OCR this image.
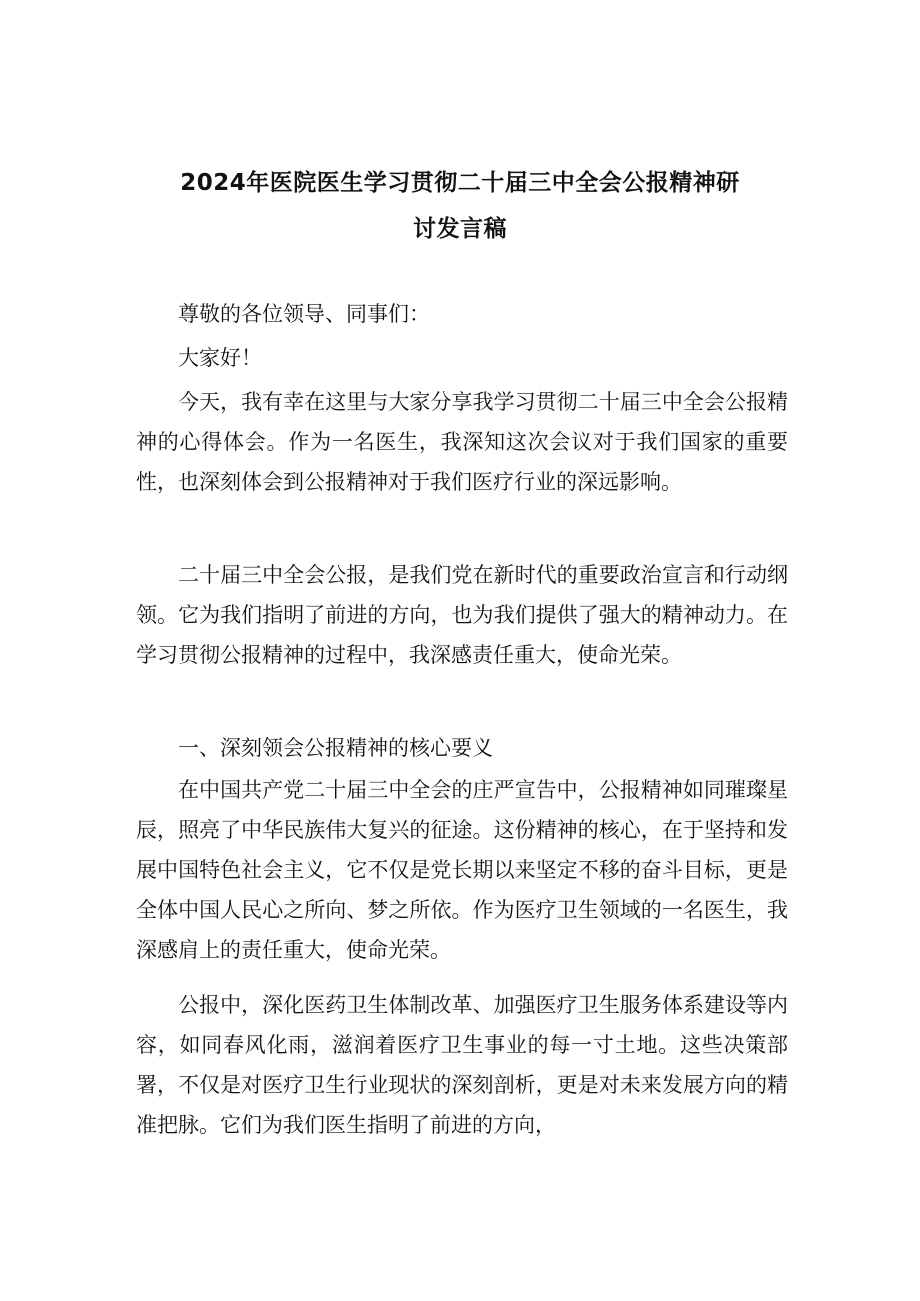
2024年医院医生学习贯彻二十届三中全会公报精神研
讨发言稿

尊敬的各位领导、同事们：

大家好！

今天，我有幸在这里与大家分享我学习贯彻二十届三中全会公报精神的心得体会。作为一名医生，我深知这次会议对于我们国家的重要性，也深刻体会到公报精神对于我们医疗行业的深远影响。

二十届三中全会公报，是我们党在新时代的重要政治宣言和行动纲领。它为我们指明了前进的方向，也为我们提供了强大的精神动力。在学习贯彻公报精神的过程中，我深感责任重大，使命光荣。

一、深刻领会公报精神的核心要义

在中国共产党二十届三中全会的庄严宣告中，公报精神如同璀璨星辰，照亮了中华民族伟大复兴的征途。这份精神的核心，在于坚持和发展中国特色社会主义，它不仅是党长期以来坚定不移的奋斗目标，更是全体中国人民心之所向、梦之所依。作为医疗卫生领域的一名医生，我深感肩上的责任重大，使命光荣。

公报中，深化医药卫生体制改革、加强医疗卫生服务体系建设等内容，如同春风化雨，滋润着医疗卫生事业的每一寸土地。这些决策部署，不仅是对医疗卫生行业现状的深刻剖析，更是对未来发展方向的精准把脉。它们为我们医生指明了前进的方向，
